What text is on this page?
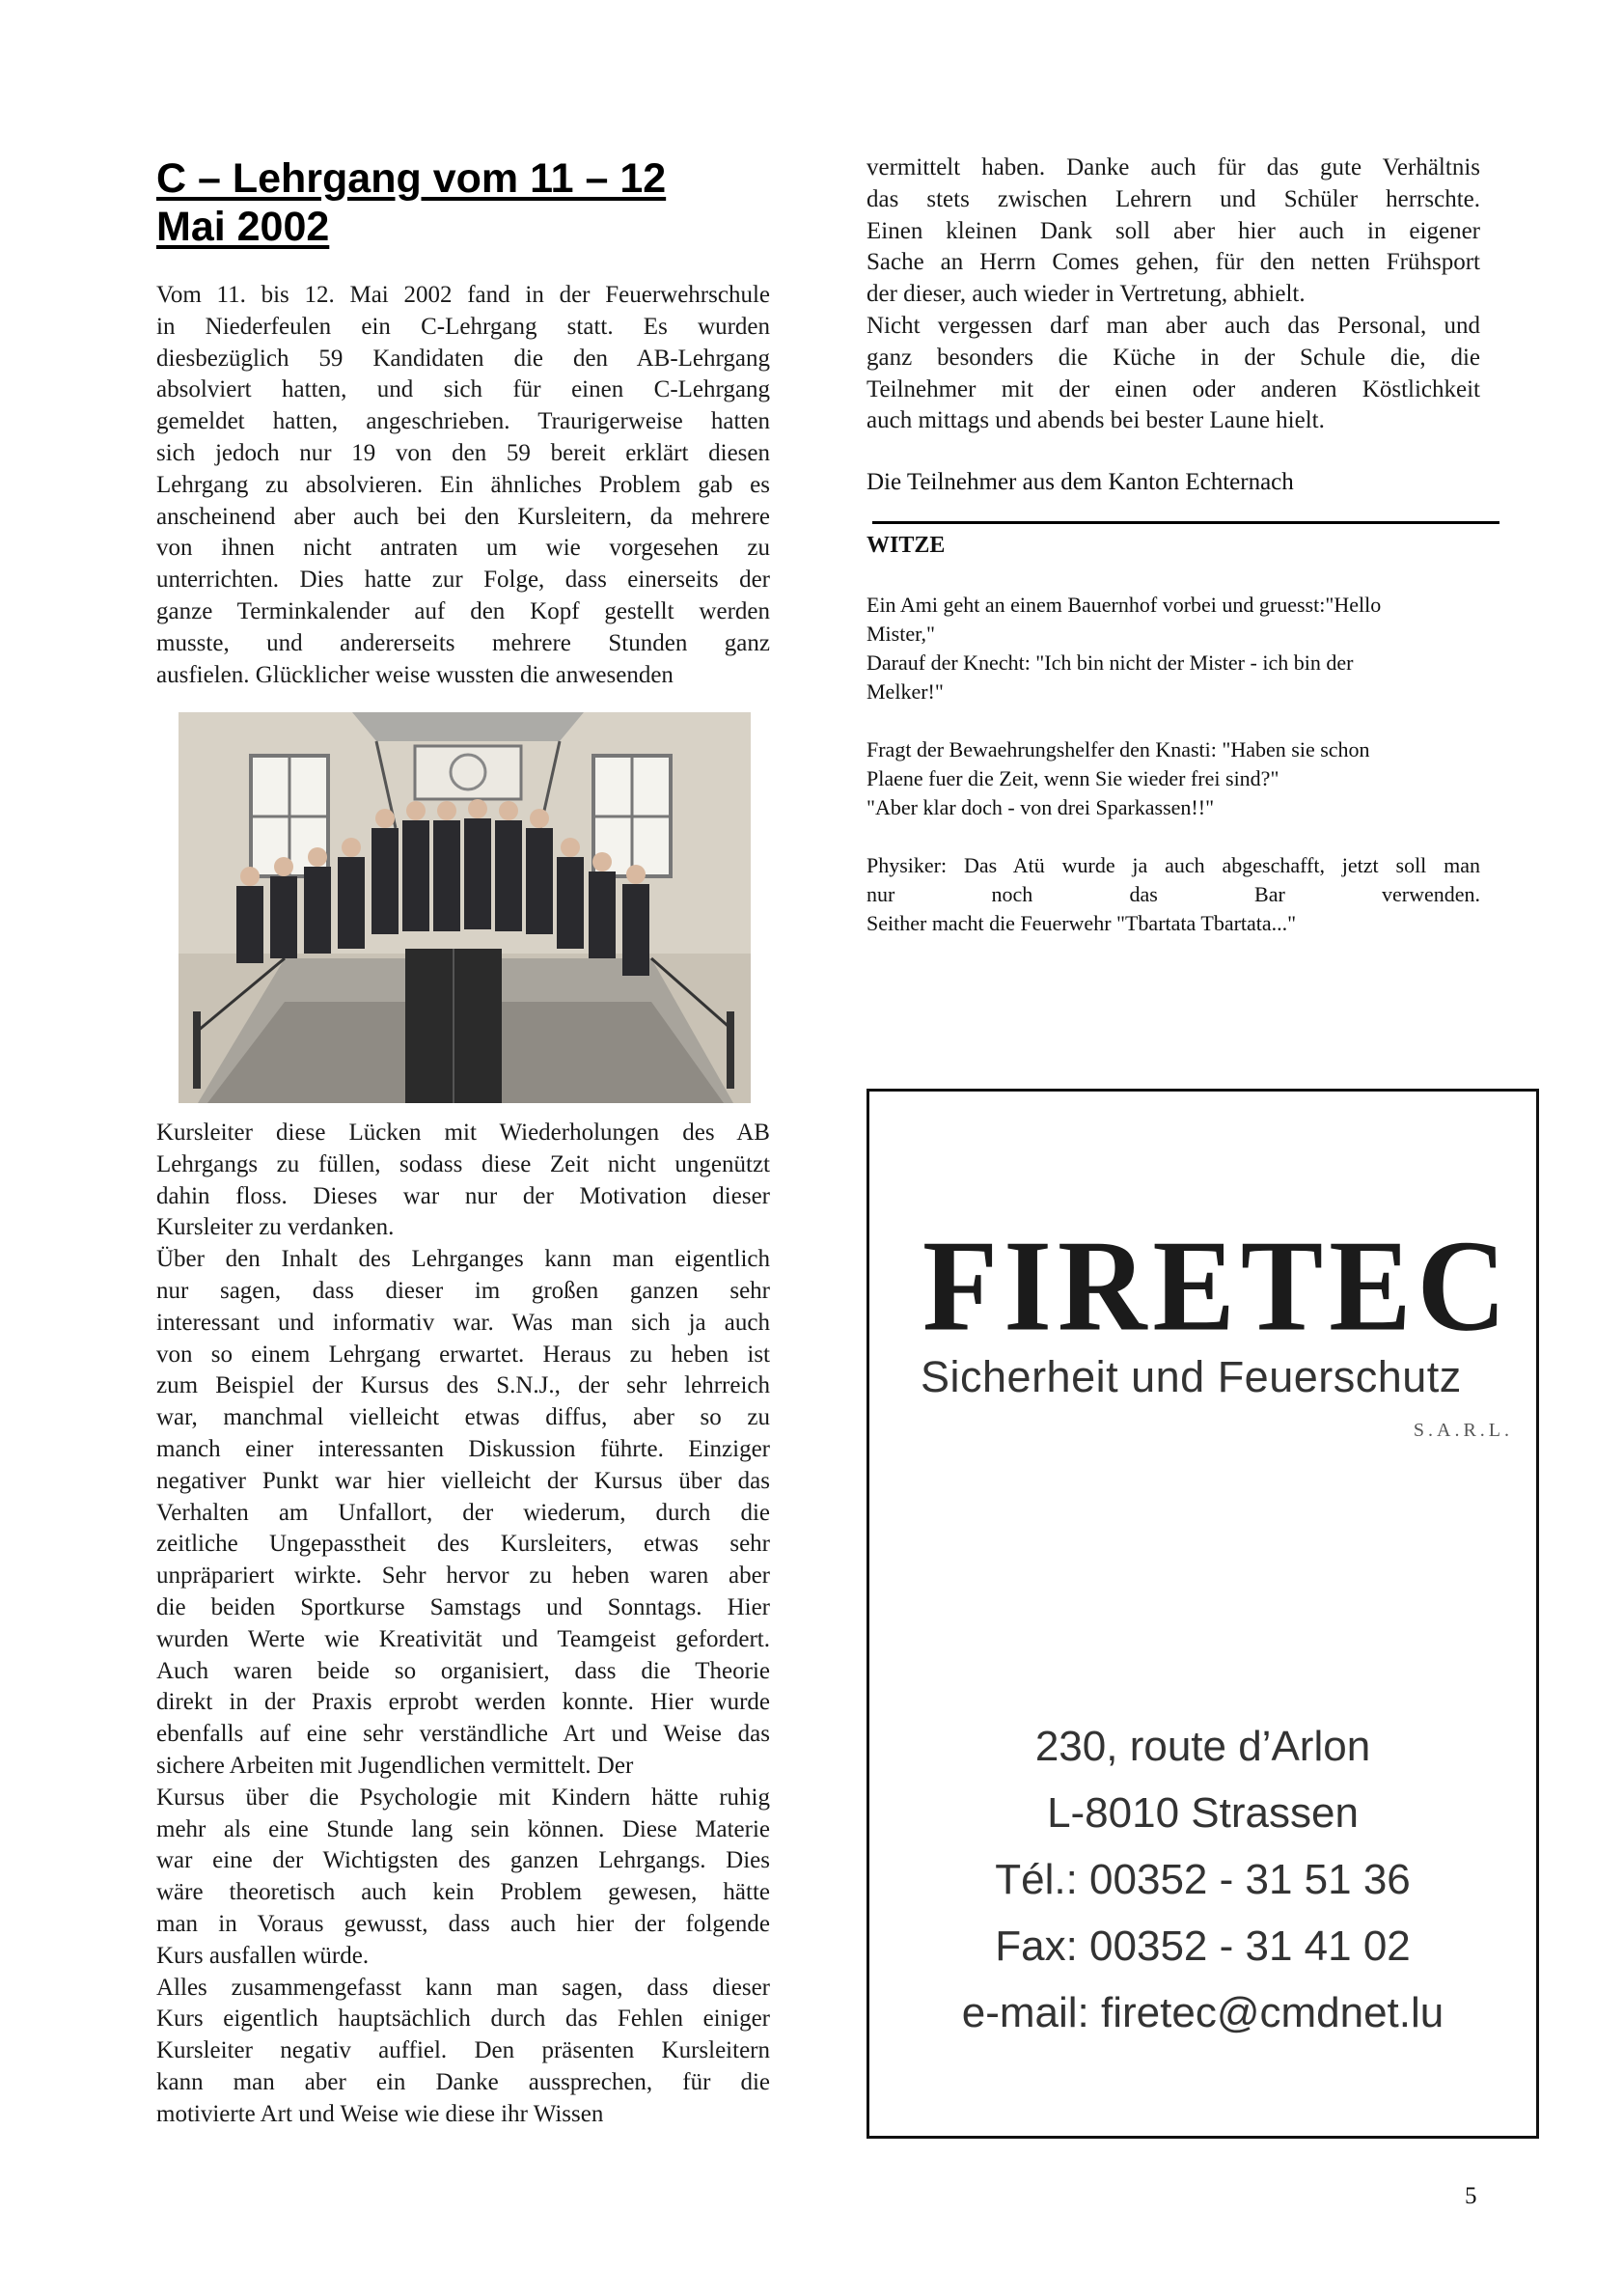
C – Lehrgang vom 11 – 12
Mai 2002

Vom 11. bis 12. Mai 2002 fand in der Feuerwehrschule
in Niederfeulen ein C-Lehrgang statt. Es wurden
diesbezüglich 59 Kandidaten die den AB-Lehrgang
absolviert hatten, und sich für einen C-Lehrgang
gemeldet hatten, angeschrieben. Traurigerweise hatten
sich jedoch nur 19 von den 59 bereit erklärt diesen
Lehrgang zu absolvieren. Ein ähnliches Problem gab es
anscheinend aber auch bei den Kursleitern, da mehrere
von ihnen nicht antraten um wie vorgesehen zu
unterrichten. Dies hatte zur Folge, dass einerseits der
ganze Terminkalender auf den Kopf gestellt werden
musste, und andererseits mehrere Stunden ganz
ausfielen. Glücklicher weise wussten die anwesenden

Kursleiter diese Lücken mit Wiederholungen des AB
Lehrgangs zu füllen, sodass diese Zeit nicht ungenützt
dahin floss. Dieses war nur der Motivation dieser
Kursleiter zu verdanken.
Über den Inhalt des Lehrganges kann man eigentlich
nur sagen, dass dieser im großen ganzen sehr
interessant und informativ war. Was man sich ja auch
von so einem Lehrgang erwartet. Heraus zu heben ist
zum Beispiel der Kursus des S.N.J., der sehr lehrreich
war, manchmal vielleicht etwas diffus, aber so zu
manch einer interessanten Diskussion führte. Einziger
negativer Punkt war hier vielleicht der Kursus über das
Verhalten am Unfallort, der wiederum, durch die
zeitliche Ungepasstheit des Kursleiters, etwas sehr
unpräpariert wirkte. Sehr hervor zu heben waren aber
die beiden Sportkurse Samstags und Sonntags. Hier
wurden Werte wie Kreativität und Teamgeist gefordert.
Auch waren beide so organisiert, dass die Theorie
direkt in der Praxis erprobt werden konnte. Hier wurde
ebenfalls auf eine sehr verständliche Art und Weise das
sichere Arbeiten mit Jugendlichen vermittelt. Der
Kursus über die Psychologie mit Kindern hätte ruhig
mehr als eine Stunde lang sein können. Diese Materie
war eine der Wichtigsten des ganzen Lehrgangs. Dies
wäre theoretisch auch kein Problem gewesen, hätte
man in Voraus gewusst, dass auch hier der folgende
Kurs ausfallen würde.
Alles zusammengefasst kann man sagen, dass dieser
Kurs eigentlich hauptsächlich durch das Fehlen einiger
Kursleiter negativ auffiel. Den präsenten Kursleitern
kann man aber ein Danke aussprechen, für die
motivierte Art und Weise wie diese ihr Wissen

vermittelt haben. Danke auch für das gute Verhältnis
das stets zwischen Lehrern und Schüler herrschte.
Einen kleinen Dank soll aber hier auch in eigener
Sache an Herrn Comes gehen, für den netten Frühsport
der dieser, auch wieder in Vertretung, abhielt.
Nicht vergessen darf man aber auch das Personal, und
ganz besonders die Küche in der Schule die, die
Teilnehmer mit der einen oder anderen Köstlichkeit
auch mittags und abends bei bester Laune hielt.

Die Teilnehmer aus dem Kanton Echternach

WITZE
Ein Ami geht an einem Bauernhof vorbei und gruesst:"Hello
Mister,"
Darauf der Knecht: "Ich bin nicht der Mister - ich bin der
Melker!"
Fragt der Bewaehrungshelfer den Knasti: "Haben sie schon
Plaene fuer die Zeit, wenn Sie wieder frei sind?"
"Aber klar doch - von drei Sparkassen!!"
Physiker: Das Atü wurde ja auch abgeschafft, jetzt soll man
nur noch das Bar verwenden.
Seither macht die Feuerwehr "Tbartata Tbartata..."
FIRETEC
Sicherheit und Feuerschutz
S.A.R.L.
230, route d’Arlon
L-8010 Strassen
Tél.: 00352 - 31 51 36
Fax: 00352 - 31 41 02
e-mail: firetec@cmdnet.lu
5
